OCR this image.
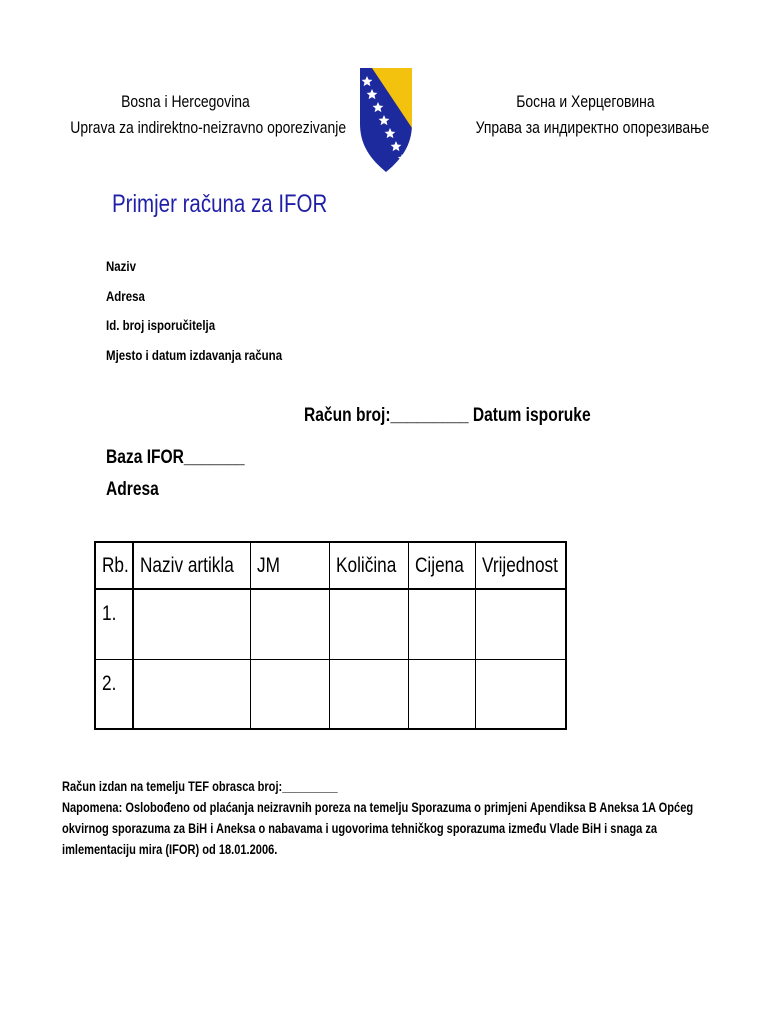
Bosna i Hercegovina
Uprava za indirektno-neizravno oporezivanje
Босна и Херцеговина
Управа за индиректно опорезивање
Primjer računa za IFOR
Naziv
Adresa
Id. broj isporučitelja
Mjesto i datum izdavanja računa
Račun broj:_________ Datum isporuke
Baza IFOR_______
Adresa
Rb.	Naziv artikla	JM	Količina	Cijena	Vrijednost
1.					
2.					
Račun izdan na temelju TEF obrasca broj:_________
Napomena: Oslobođeno od plaćanja neizravnih poreza na temelju Sporazuma o primjeni Apendiksa B Aneksa 1A Općeg
okvirnog sporazuma za BiH i Aneksa o nabavama i ugovorima tehničkog sporazuma između Vlade BiH i snaga za
imlementaciju mira (IFOR) od 18.01.2006.
